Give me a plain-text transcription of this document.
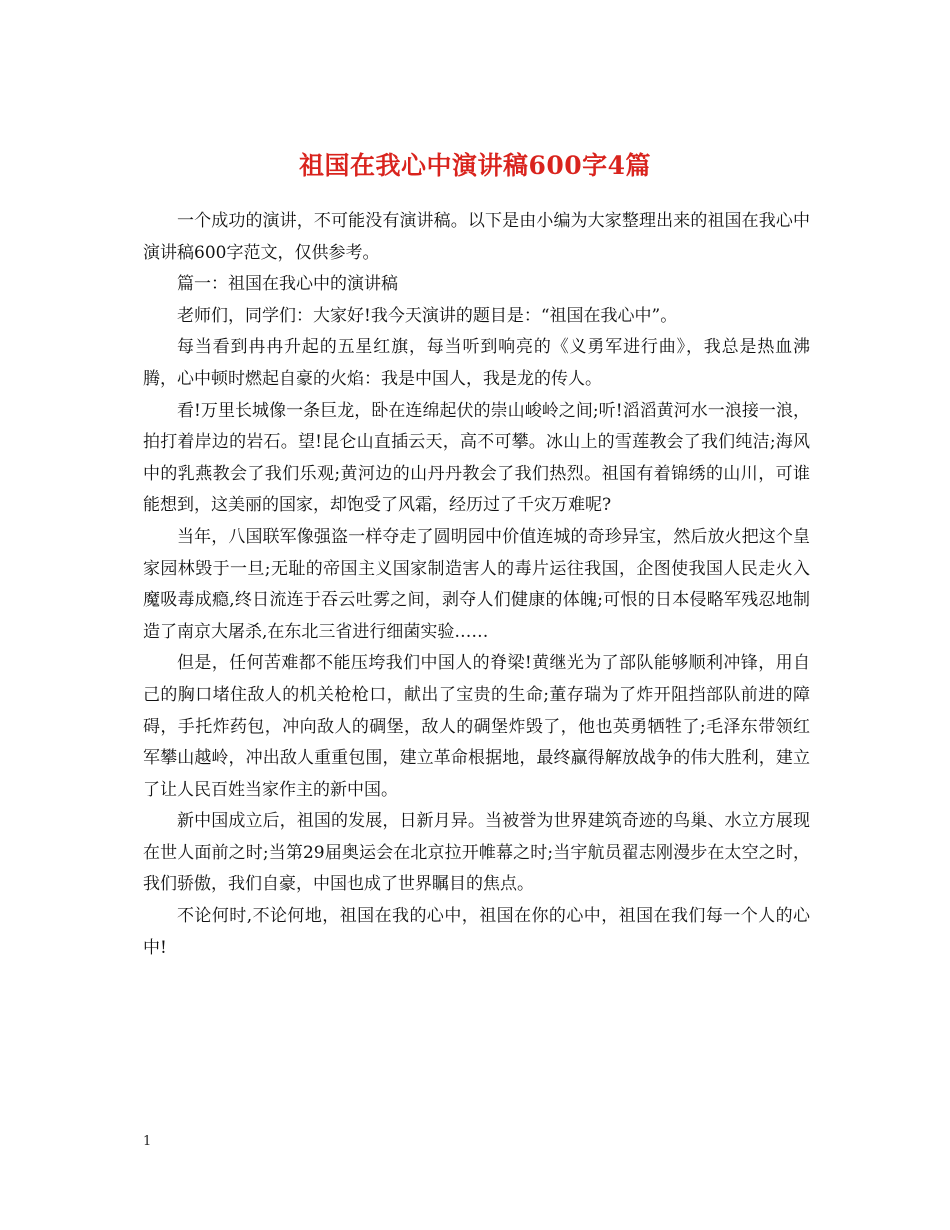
祖国在我心中演讲稿600字4篇

一个成功的演讲，不可能没有演讲稿。以下是由小编为大家整理出来的祖国在我心中演讲稿600字范文，仅供参考。

篇一：祖国在我心中的演讲稿

老师们，同学们：大家好!我今天演讲的题目是：“祖国在我心中”。

每当看到冉冉升起的五星红旗，每当听到响亮的《义勇军进行曲》，我总是热血沸腾，心中顿时燃起自豪的火焰：我是中国人，我是龙的传人。

看!万里长城像一条巨龙，卧在连绵起伏的崇山峻岭之间;听!滔滔黄河水一浪接一浪，拍打着岸边的岩石。望!昆仑山直插云天，高不可攀。冰山上的雪莲教会了我们纯洁;海风中的乳燕教会了我们乐观;黄河边的山丹丹教会了我们热烈。祖国有着锦绣的山川，可谁能想到，这美丽的国家，却饱受了风霜，经历过了千灾万难呢?

当年，八国联军像强盗一样夺走了圆明园中价值连城的奇珍异宝，然后放火把这个皇家园林毁于一旦;无耻的帝国主义国家制造害人的毒片运往我国，企图使我国人民走火入魔吸毒成瘾,终日流连于吞云吐雾之间，剥夺人们健康的体魄;可恨的日本侵略军残忍地制造了南京大屠杀,在东北三省进行细菌实验……

但是，任何苦难都不能压垮我们中国人的脊梁!黄继光为了部队能够顺利冲锋，用自己的胸口堵住敌人的机关枪枪口，献出了宝贵的生命;董存瑞为了炸开阻挡部队前进的障碍，手托炸药包，冲向敌人的碉堡，敌人的碉堡炸毁了，他也英勇牺牲了;毛泽东带领红军攀山越岭，冲出敌人重重包围，建立革命根据地，最终赢得解放战争的伟大胜利，建立了让人民百姓当家作主的新中国。

新中国成立后，祖国的发展，日新月异。当被誉为世界建筑奇迹的鸟巢、水立方展现在世人面前之时;当第29届奥运会在北京拉开帷幕之时;当宇航员翟志刚漫步在太空之时，我们骄傲，我们自豪，中国也成了世界瞩目的焦点。

不论何时,不论何地，祖国在我的心中，祖国在你的心中，祖国在我们每一个人的心中!

1
